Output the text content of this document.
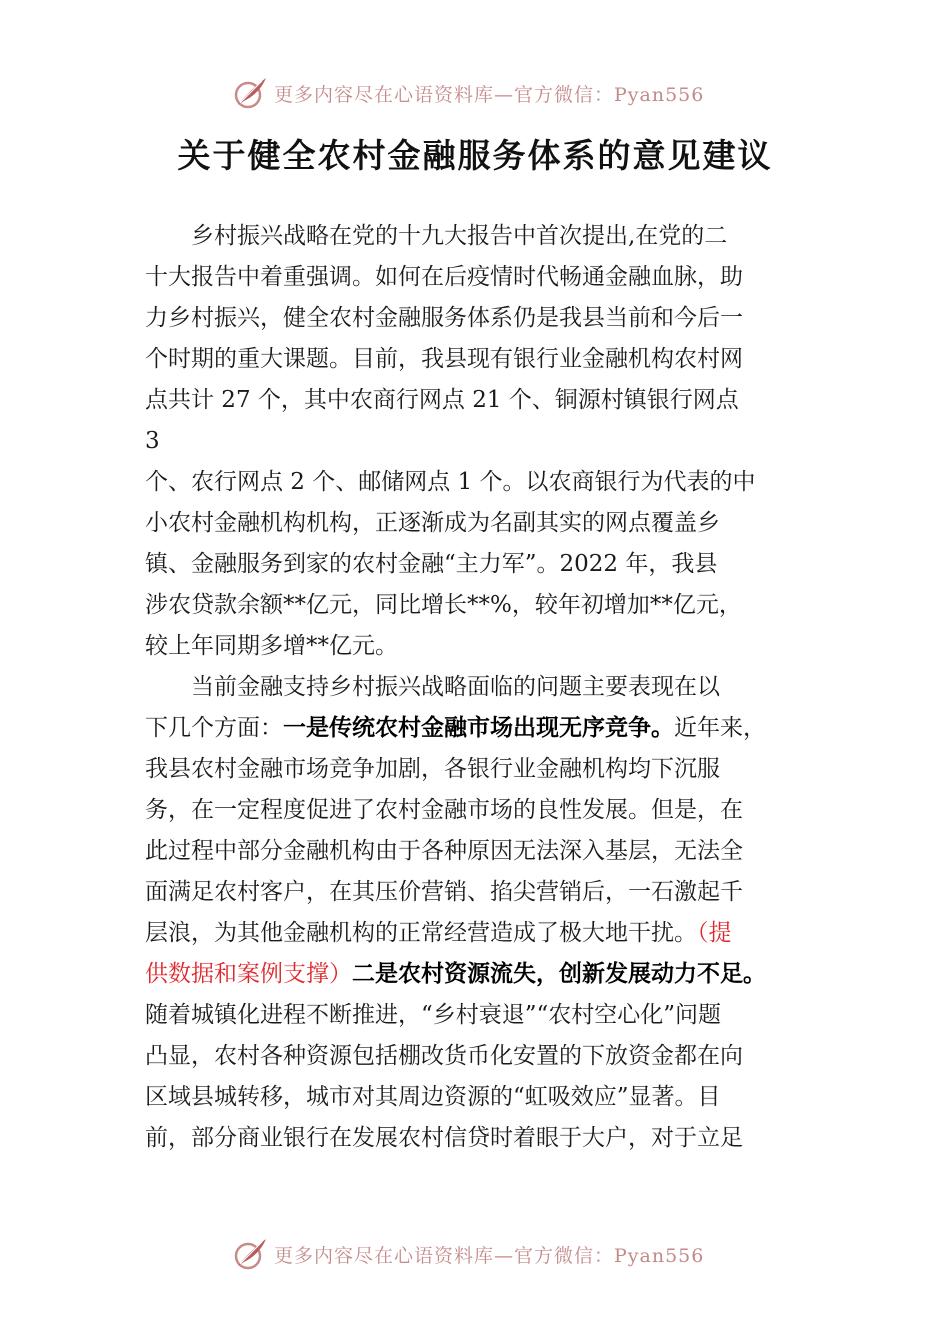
更多内容尽在心语资料库—官方微信：Pyan556
关于健全农村金融服务体系的意见建议

乡村振兴战略在党的十九大报告中首次提出,在党的二

十大报告中着重强调。如何在后疫情时代畅通金融血脉，助

力乡村振兴，健全农村金融服务体系仍是我县当前和今后一

个时期的重大课题。目前，我县现有银行业金融机构农村网

点共计 27 个，其中农商行网点 21 个、铜源村镇银行网点

3

个、农行网点 2 个、邮储网点 1 个。以农商银行为代表的中

小农村金融机构机构，正逐渐成为名副其实的网点覆盖乡

镇、金融服务到家的农村金融“主力军”。2022 年，我县

涉农贷款余额**亿元，同比增长**%，较年初增加**亿元，

较上年同期多增**亿元。

当前金融支持乡村振兴战略面临的问题主要表现在以

下几个方面：一是传统农村金融市场出现无序竞争。近年来，

我县农村金融市场竞争加剧，各银行业金融机构均下沉服

务，在一定程度促进了农村金融市场的良性发展。但是，在

此过程中部分金融机构由于各种原因无法深入基层，无法全

面满足农村客户，在其压价营销、掐尖营销后，一石激起千

层浪，为其他金融机构的正常经营造成了极大地干扰。（提

供数据和案例支撑）二是农村资源流失，创新发展动力不足。

随着城镇化进程不断推进，“乡村衰退”“农村空心化”问题

凸显，农村各种资源包括棚改货币化安置的下放资金都在向

区域县城转移，城市对其周边资源的“虹吸效应”显著。目

前，部分商业银行在发展农村信贷时着眼于大户，对于立足

更多内容尽在心语资料库—官方微信：Pyan556
